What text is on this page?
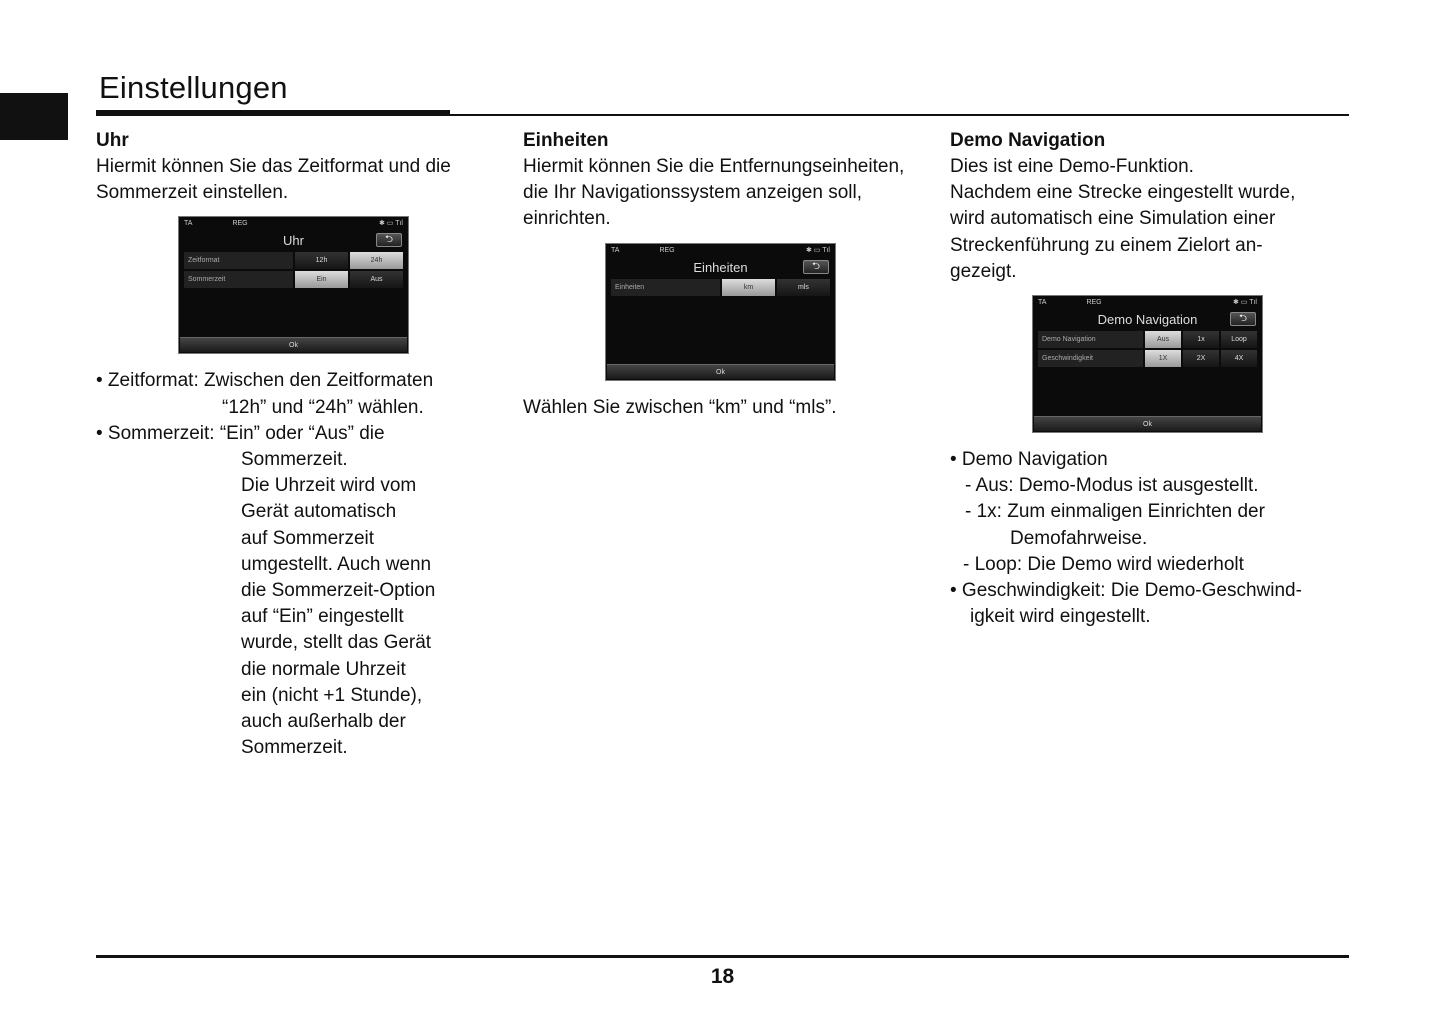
Einstellungen
Uhr
Hiermit können Sie das Zeitformat und die
Sommerzeit einstellen.
TA	REG	✱ ▭ Tıl
Uhr	⮌
Zeitformat	12h	24h
Sommerzeit	Ein	Aus
Ok
• Zeitformat: Zwischen den Zeitformaten
“12h” und “24h” wählen.
• Sommerzeit: “Ein” oder “Aus” die
Sommerzeit.
Die Uhrzeit wird vom
Gerät automatisch
auf Sommerzeit
umgestellt. Auch wenn
die Sommerzeit-Option
auf “Ein” eingestellt
wurde, stellt das Gerät
die normale Uhrzeit
ein (nicht +1 Stunde),
auch außerhalb der
Sommerzeit.
Einheiten
Hiermit können Sie die Entfernungseinheiten,
die Ihr Navigationssystem anzeigen soll,
einrichten.
TA	REG	✱ ▭ Tıl
Einheiten	⮌
Einheiten	km	mls
Ok
Wählen Sie zwischen “km” und “mls”.
Demo Navigation
Dies ist eine Demo-Funktion.
Nachdem eine Strecke eingestellt wurde,
wird automatisch eine Simulation einer
Streckenführung zu einem Zielort an-
gezeigt.
TA	REG	✱ ▭ Tıl
Demo Navigation	⮌
Demo Navigation	Aus	1x	Loop
Geschwindigkeit	1X	2X	4X
Ok
• Demo Navigation
- Aus: Demo-Modus ist ausgestellt.
- 1x: Zum einmaligen Einrichten der
Demofahrweise.
- Loop: Die Demo wird wiederholt
• Geschwindigkeit: Die Demo-Geschwind-
igkeit wird eingestellt.
18
